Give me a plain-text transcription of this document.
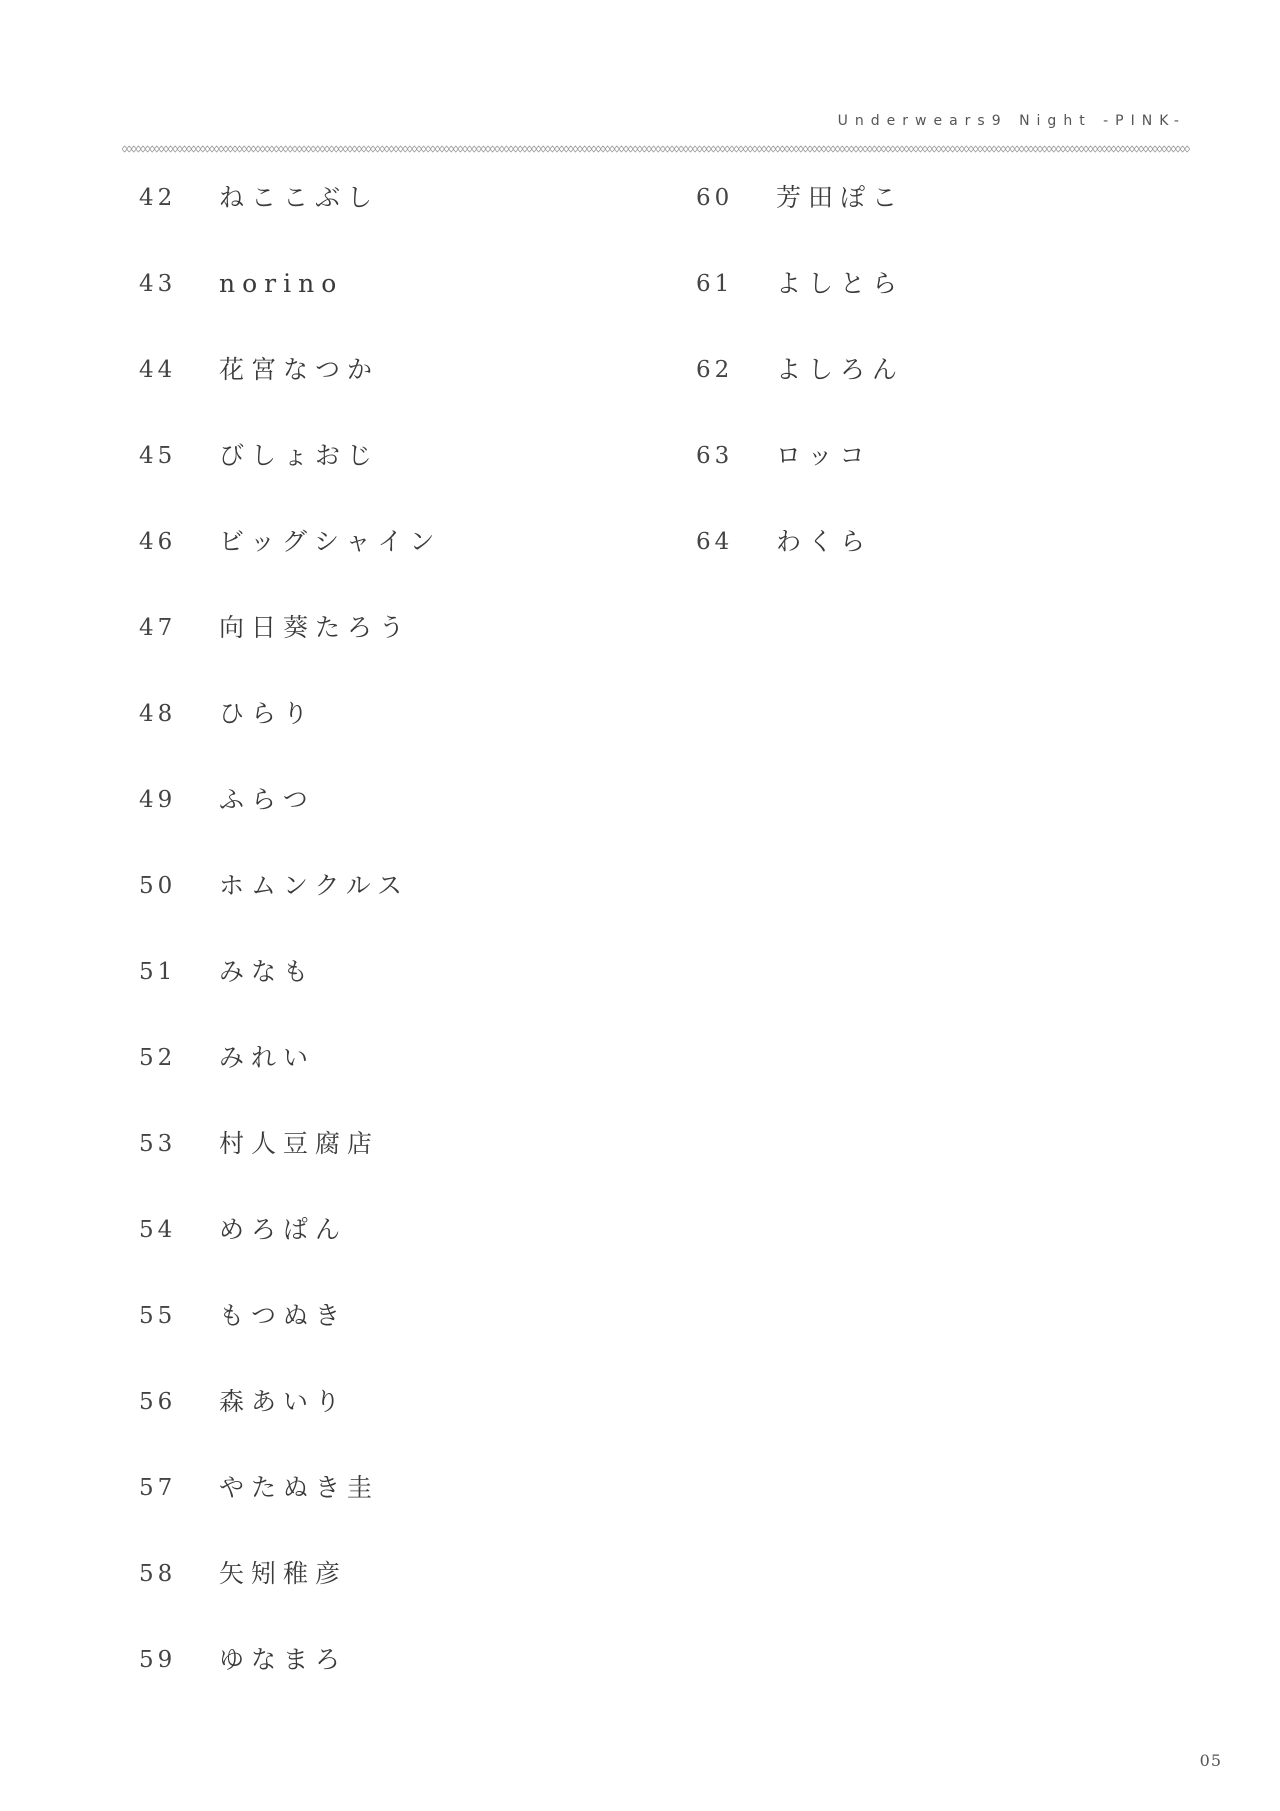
Underwears9 Night -PINK-
42	ねここぶし
43	norino
44	花宮なつか
45	びしょおじ
46	ビッグシャイン
47	向日葵たろう
48	ひらり
49	ふらつ
50	ホムンクルス
51	みなも
52	みれい
53	村人豆腐店
54	めろぱん
55	もつぬき
56	森あいり
57	やたぬき圭
58	矢矧稚彦
59	ゆなまろ
60	芳田ぽこ
61	よしとら
62	よしろん
63	ロッコ
64	わくら
05
